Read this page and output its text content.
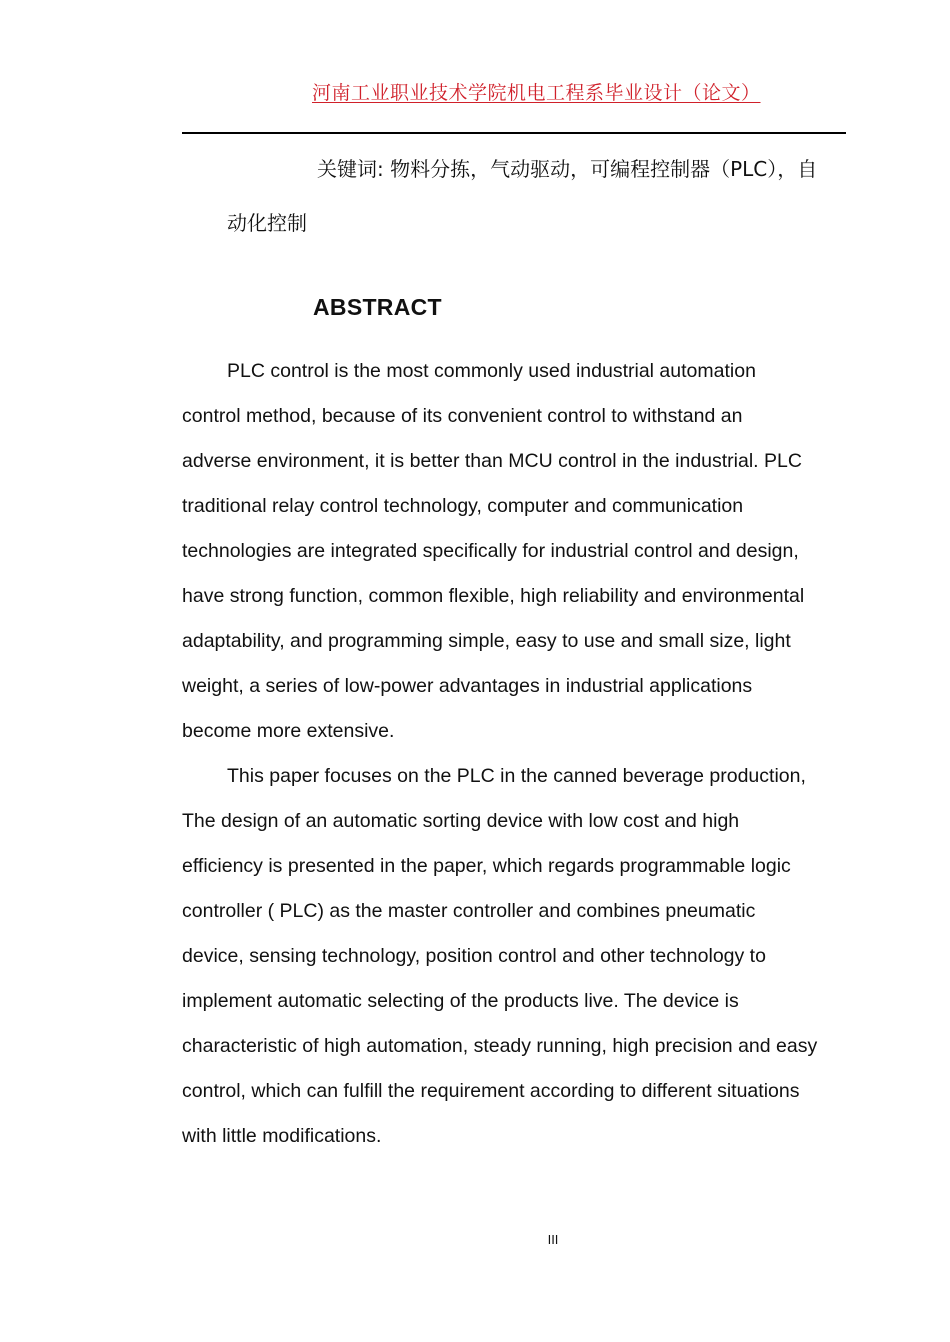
河南工业职业技术学院机电工程系毕业设计（论文）
关键词: 物料分拣，气动驱动，可编程控制器（PLC），自
动化控制
ABSTRACT
PLC control is the most commonly used industrial automation
control method, because of its convenient control to withstand an
adverse environment, it is better than MCU control in the industrial. PLC
traditional relay control technology, computer and communication
technologies are integrated specifically for industrial control and design,
have strong function, common flexible, high reliability and environmental
adaptability, and programming simple, easy to use and small size, light
weight, a series of low-power advantages in industrial applications
become more extensive.
This paper focuses on the PLC in the canned beverage production,
The design of an automatic sorting device with low cost and high
efficiency is presented in the paper, which regards programmable logic
controller ( PLC) as the master controller and combines pneumatic
device, sensing technology, position control and other technology to
implement automatic selecting of the products live. The device is
characteristic of high automation, steady running, high precision and easy
control, which can fulfill the requirement according to different situations
with little modifications.
III
